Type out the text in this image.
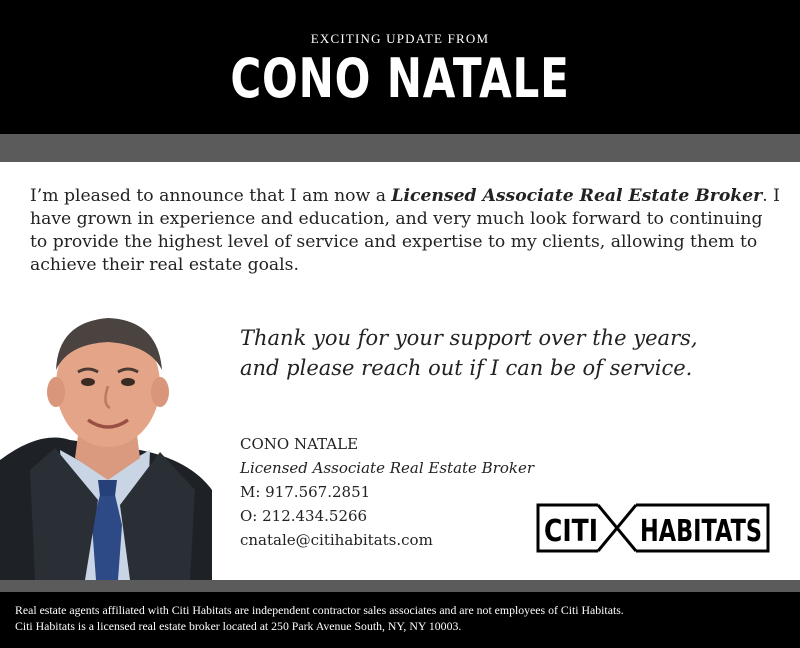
EXCITING UPDATE FROM
CONO NATALE
I’m pleased to announce that I am now a Licensed Associate Real Estate Broker. I have grown in experience and education, and very much look forward to continuing to provide the highest level of service and expertise to my clients, allowing them to achieve their real estate goals.
Thank you for your support over the years,
and please reach out if I can be of service.
CONO NATALE
Licensed Associate Real Estate Broker
M: 917.567.2851
O: 212.434.5266
cnatale@citihabitats.com	CITI HABITATS
Real estate agents affiliated with Citi Habitats are independent contractor sales associates and are not employees of Citi Habitats.
Citi Habitats is a licensed real estate broker located at 250 Park Avenue South, NY, NY 10003.
